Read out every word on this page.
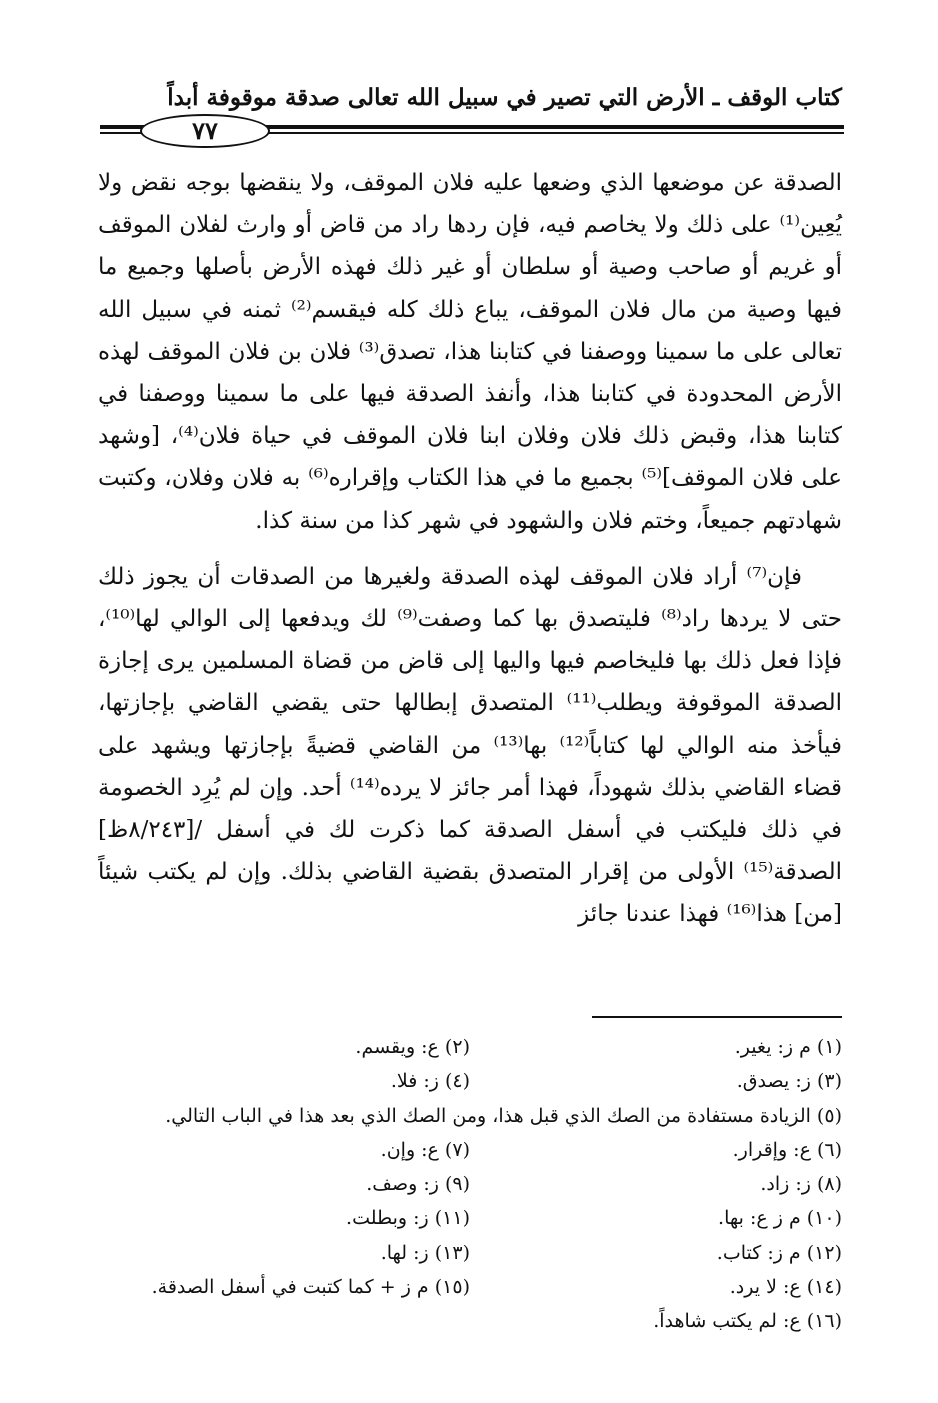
كتاب الوقف ـ الأرض التي تصير في سبيل الله تعالى صدقة موقوفة أبداً
٧٧

الصدقة عن موضعها الذي وضعها عليه فلان الموقف، ولا ينقضها بوجه نقض ولا يُعِين⁽¹⁾ على ذلك ولا يخاصم فيه، فإن ردها راد من قاض أو وارث لفلان الموقف أو غريم أو صاحب وصية أو سلطان أو غير ذلك فهذه الأرض بأصلها وجميع ما فيها وصية من مال فلان الموقف، يباع ذلك كله فيقسم⁽²⁾ ثمنه في سبيل الله تعالى على ما سمينا ووصفنا في كتابنا هذا، تصدق⁽³⁾ فلان بن فلان الموقف لهذه الأرض المحدودة في كتابنا هذا، وأنفذ الصدقة فيها على ما سمينا ووصفنا في كتابنا هذا، وقبض ذلك فلان وفلان ابنا فلان الموقف في حياة فلان⁽⁴⁾، [وشهد على فلان الموقف]⁽⁵⁾ بجميع ما في هذا الكتاب وإقراره⁽⁶⁾ به فلان وفلان، وكتبت شهادتهم جميعاً، وختم فلان والشهود في شهر كذا من سنة كذا.

فإن⁽⁷⁾ أراد فلان الموقف لهذه الصدقة ولغيرها من الصدقات أن يجوز ذلك حتى لا يردها راد⁽⁸⁾ فليتصدق بها كما وصفت⁽⁹⁾ لك ويدفعها إلى الوالي لها⁽¹⁰⁾، فإذا فعل ذلك بها فليخاصم فيها واليها إلى قاض من قضاة المسلمين يرى إجازة الصدقة الموقوفة ويطلب⁽¹¹⁾ المتصدق إبطالها حتى يقضي القاضي بإجازتها، فيأخذ منه الوالي لها كتاباً⁽¹²⁾ بها⁽¹³⁾ من القاضي قضيةً بإجازتها ويشهد على قضاء القاضي بذلك شهوداً، فهذا أمر جائز لا يرده⁽¹⁴⁾ أحد. وإن لم يُرِد الخصومة في ذلك فليكتب في أسفل الصدقة كما ذكرت لك في أسفل /[٨/٢٤٣ظ] الصدقة⁽¹⁵⁾ الأولى من إقرار المتصدق بقضية القاضي بذلك. وإن لم يكتب شيئاً [من] هذا⁽¹⁶⁾ فهذا عندنا جائز

(١) م ز: يغير.
(٢) ع: ويقسم.
(٣) ز: يصدق.
(٤) ز: فلا.
(٥) الزيادة مستفادة من الصك الذي قبل هذا، ومن الصك الذي بعد هذا في الباب التالي.
(٦) ع: وإقرار.
(٧) ع: وإن.
(٨) ز: زاد.
(٩) ز: وصف.
(١٠) م ز ع: بها.
(١١) ز: وبطلت.
(١٢) م ز: كتاب.
(١٣) ز: لها.
(١٤) ع: لا يرد.
(١٥) م ز + كما كتبت في أسفل الصدقة.
(١٦) ع: لم يكتب شاهداً.
